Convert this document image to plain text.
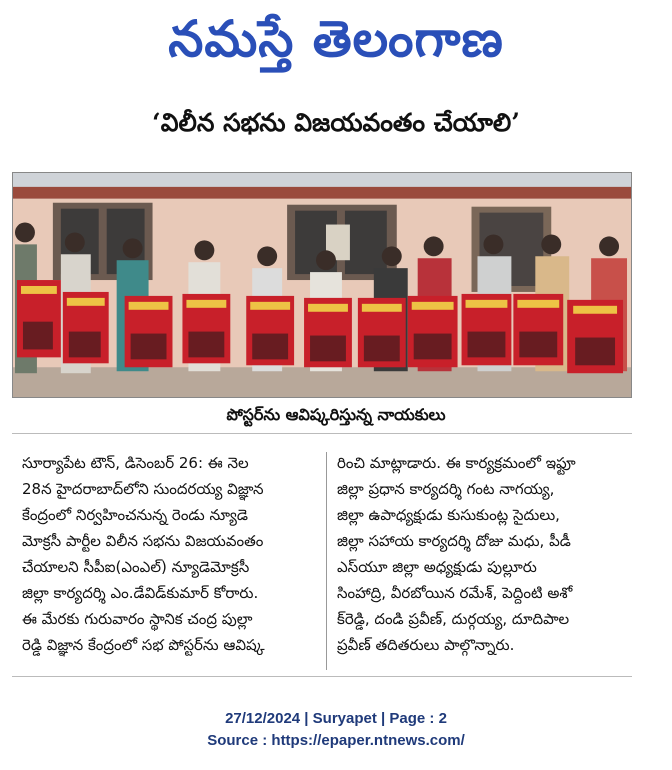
నమస్తే తెలంగాణ
‘విలీన సభను విజయవంతం చేయాలి’
పోస్టర్‌ను ఆవిష్కరిస్తున్న నాయకులు
సూర్యాపేట టౌన్, డిసెంబర్ 26: ఈ నెల
28న హైదరాబాద్‌లోని సుందరయ్య విజ్ఞాన
కేంద్రంలో నిర్వహించనున్న రెండు న్యూడె
మోక్రసీ పార్టీల విలీన సభను విజయవంతం
చేయాలని సీపీఐ(ఎంఎల్) న్యూడెమోక్రసీ
జిల్లా కార్యదర్శి ఎం.డేవిడ్‌కుమార్ కోరారు.
ఈ మేరకు గురువారం స్థానిక చంద్ర పుల్లా
రెడ్డి విజ్ఞాన కేంద్రంలో సభ పోస్టర్‌ను ఆవిష్క
రించి మాట్లాడారు. ఈ కార్యక్రమంలో ఇఫ్టూ
జిల్లా ప్రధాన కార్యదర్శి గంట నాగయ్య,
జిల్లా ఉపాధ్యక్షుడు కుసుకుంట్ల సైదులు,
జిల్లా సహాయ కార్యదర్శి దోజు మధు, పీడీ
ఎస్‌యూ జిల్లా అధ్యక్షుడు పుల్లూరు
సింహాద్రి, వీరబోయిన రమేశ్, పెద్దింటి అశో
క్‌రెడ్డి, దండి ప్రవీణ్, దుర్గయ్య, దూదిపాల
ప్రవీణ్ తదితరులు పాల్గొన్నారు.
27/12/2024 | Suryapet | Page : 2
Source : https://epaper.ntnews.com/
